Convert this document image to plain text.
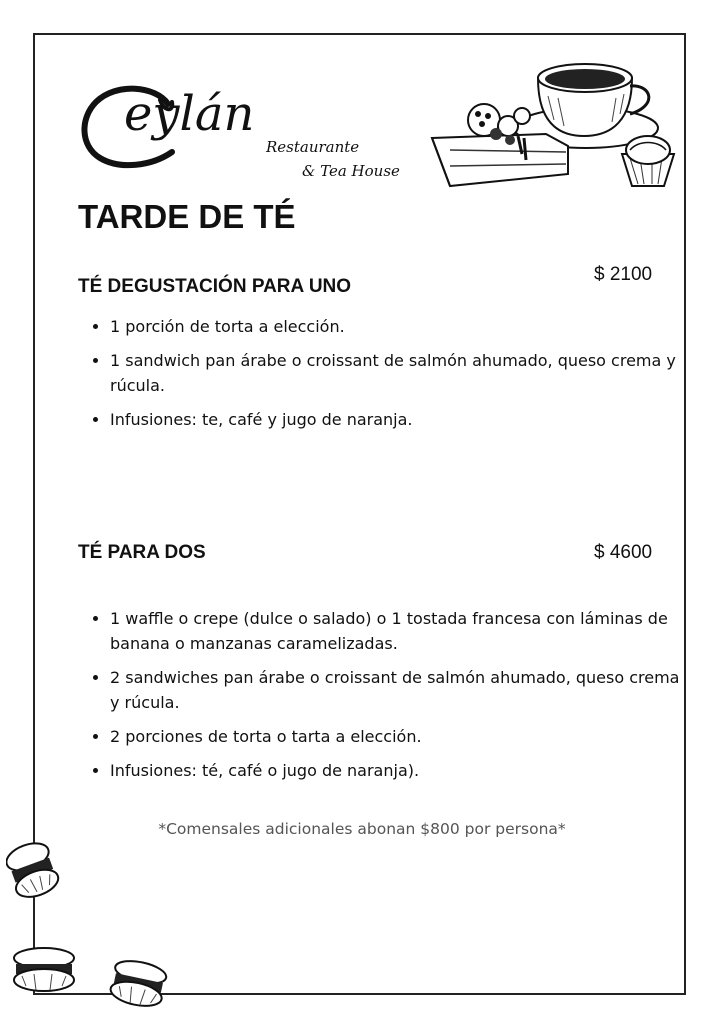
eylán
Restaurante
& Tea House
TARDE DE TÉ
TÉ DEGUSTACIÓN PARA UNO
$ 2100
• 1 porción de torta a elección.
• 1 sandwich pan árabe o croissant de salmón ahumado, queso crema y rúcula.
• Infusiones: te, café y jugo de naranja.
TÉ PARA DOS	$ 4600
• 1 waffle o crepe (dulce o salado) o 1 tostada francesa con láminas de banana o manzanas caramelizadas.
• 2 sandwiches pan árabe o croissant de salmón ahumado, queso crema y rúcula.
• 2 porciones de torta o tarta a elección.
• Infusiones: té, café o jugo de naranja).
*Comensales adicionales abonan $800 por persona*
